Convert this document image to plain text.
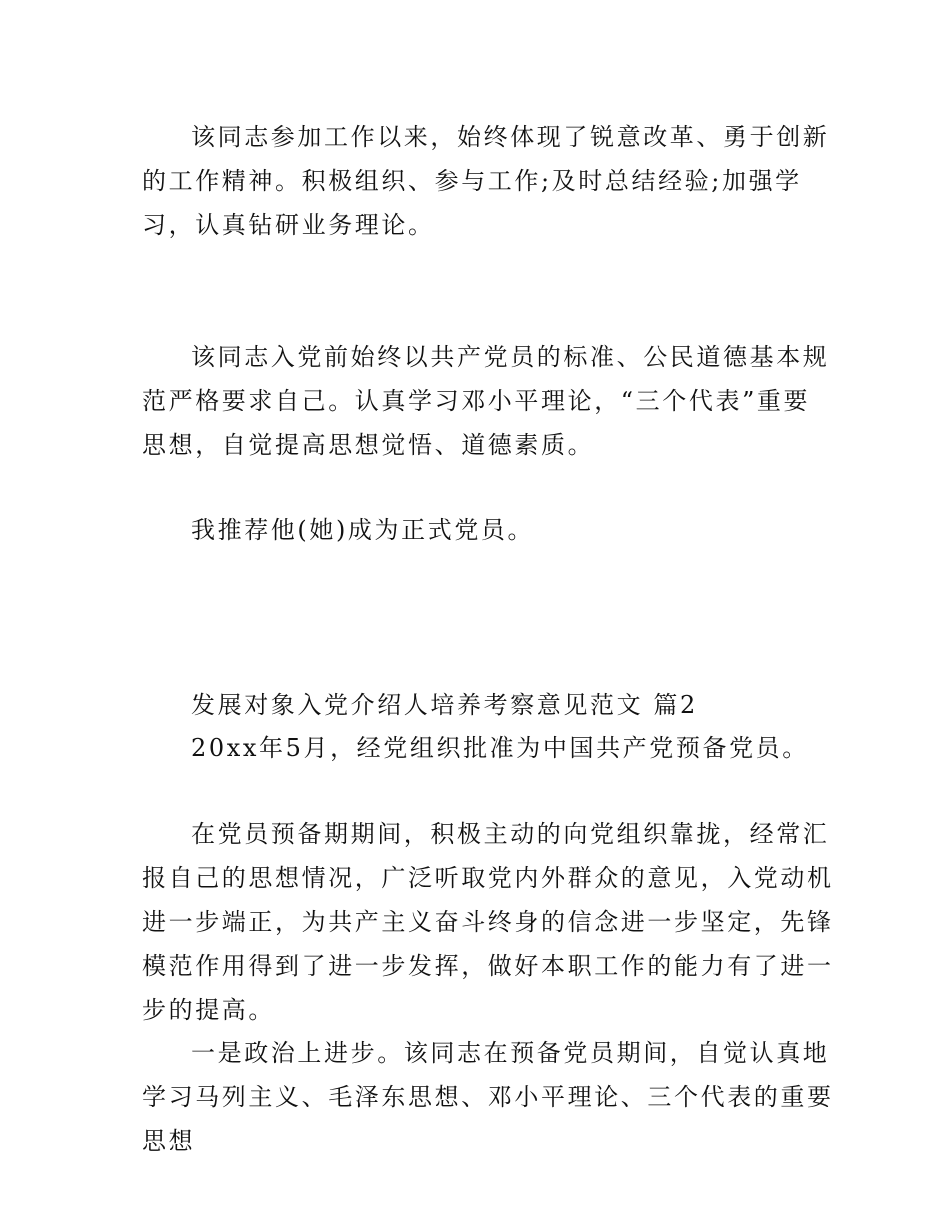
该同志参加工作以来，始终体现了锐意改革、勇于创新的工作精神。积极组织、参与工作;及时总结经验;加强学习，认真钻研业务理论。

该同志入党前始终以共产党员的标准、公民道德基本规范严格要求自己。认真学习邓小平理论，“三个代表”重要思想，自觉提高思想觉悟、道德素质。

我推荐他(她)成为正式党员。

发展对象入党介绍人培养考察意见范文 篇2

20xx年5月，经党组织批准为中国共产党预备党员。

在党员预备期期间，积极主动的向党组织靠拢，经常汇报自己的思想情况，广泛听取党内外群众的意见，入党动机进一步端正，为共产主义奋斗终身的信念进一步坚定，先锋模范作用得到了进一步发挥，做好本职工作的能力有了进一步的提高。

一是政治上进步。该同志在预备党员期间，自觉认真地学习马列主义、毛泽东思想、邓小平理论、三个代表的重要思想
